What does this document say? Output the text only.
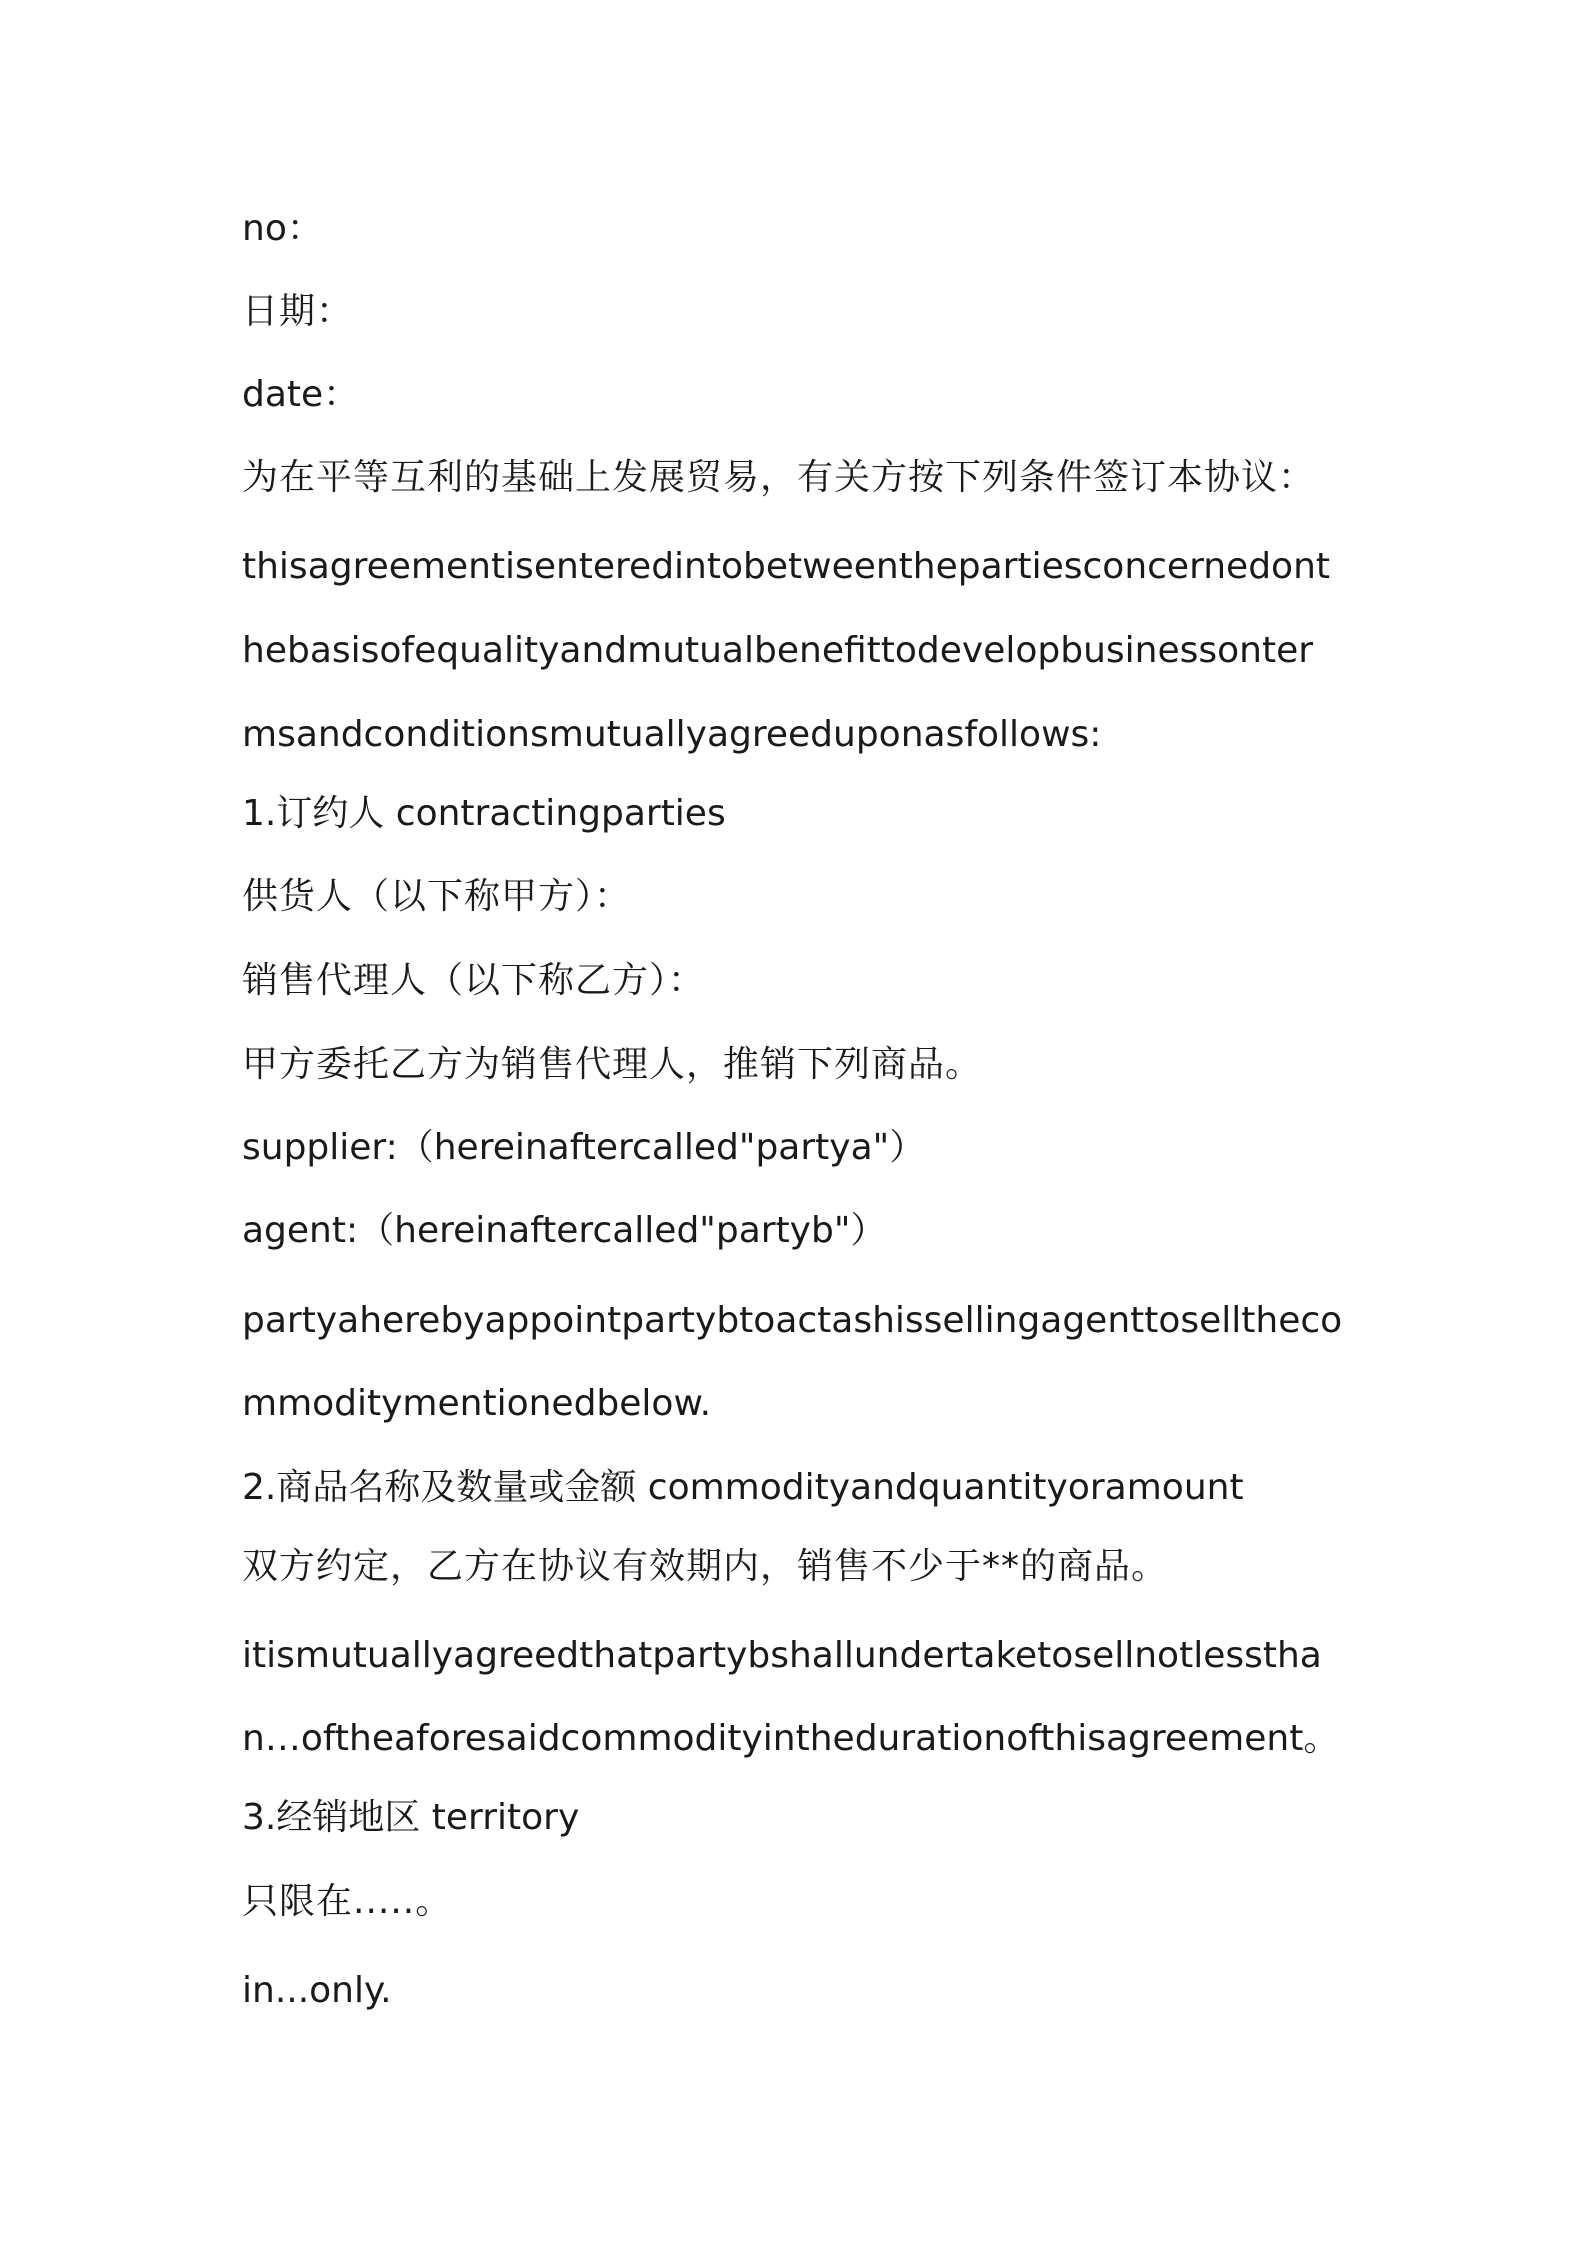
no：
日期：
date：
为在平等互利的基础上发展贸易，有关方按下列条件签订本协议：
thisagreementisenteredintobetweenthepartiesconcernedont
hebasisofequalityandmutualbenefittodevelopbusinessonter
msandconditionsmutuallyagreeduponasfollows:
1.订约人 contractingparties
供货人（以下称甲方）：
销售代理人（以下称乙方）：
甲方委托乙方为销售代理人，推销下列商品。
supplier:（hereinaftercalled"partya"）
agent:（hereinaftercalled"partyb"）
partyaherebyappointpartybtoactashissellingagenttosellthe​co
mmoditymentionedbelow.
2.商品名称及数量或金额 commodityandquantityoramount
双方约定，乙方在协议有效期内，销售不少于**的商品。
itismutuallyagreedthatpartybshallundertaketosellnotlesstha
n…oftheaforesaidcommodityinthedurationofthisagreement。
3.经销地区 territory
只限在.....。
in...only.
